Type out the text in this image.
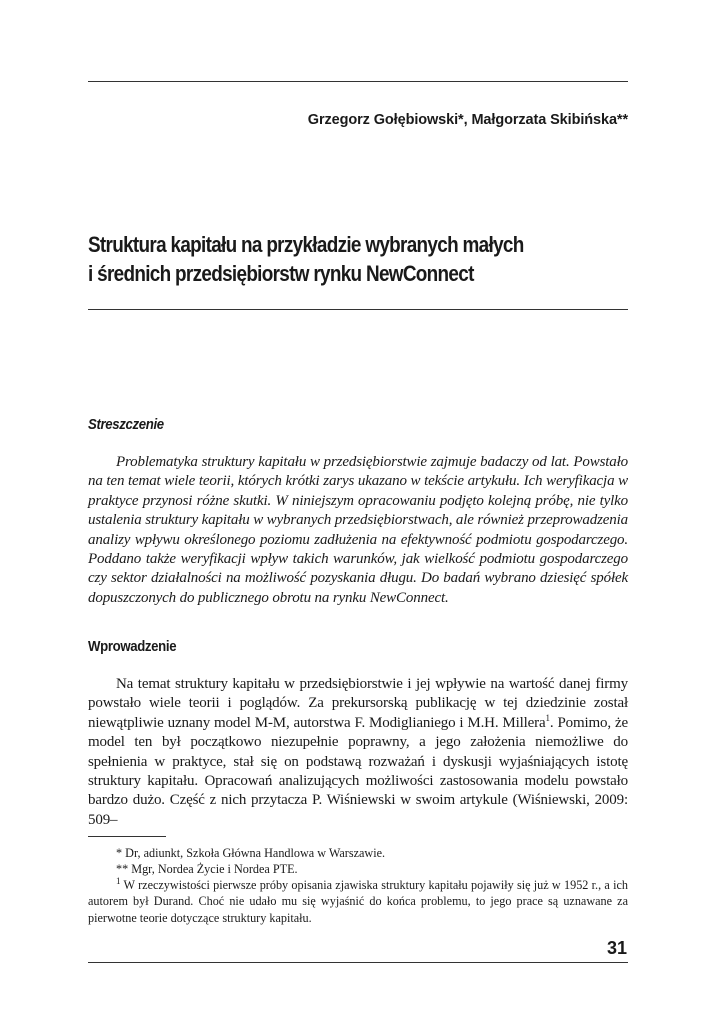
Grzegorz Gołębiowski*, Małgorzata Skibińska**
Struktura kapitału na przykładzie wybranych małych
i średnich przedsiębiorstw rynku NewConnect
Streszczenie

Problematyka struktury kapitału w przedsiębiorstwie zajmuje badaczy od lat. Powstało na ten temat wiele teorii, których krótki zarys ukazano w tekście artykułu. Ich weryfikacja w praktyce przynosi różne skutki. W niniejszym opracowaniu podjęto kolejną próbę, nie tylko ustalenia struktury kapitału w wybranych przedsiębiorstwach, ale również przeprowadzenia analizy wpływu określonego poziomu zadłużenia na efektywność podmiotu gospodarczego. Poddano także weryfikacji wpływ takich warunków, jak wielkość podmiotu gospodarczego czy sektor działalności na możliwość pozyskania długu. Do badań wybrano dziesięć spółek dopuszczonych do publicznego obrotu na rynku NewConnect.

Wprowadzenie

Na temat struktury kapitału w przedsiębiorstwie i jej wpływie na wartość danej firmy powstało wiele teorii i poglądów. Za prekursorską publikację w tej dziedzinie został niewątpliwie uznany model M-M, autorstwa F. Modiglianiego i M.H. Millera$^1$. Pomimo, że model ten był początkowo niezupełnie poprawny, a jego założenia niemożliwe do spełnienia w praktyce, stał się on podstawą rozważań i dyskusji wyjaśniających istotę struktury kapitału. Opracowań analizujących możliwości zastosowania modelu powstało bardzo dużo. Część z nich przytacza P. Wiśniewski w swoim artykule (Wiśniewski, 2009: 509–

* Dr, adiunkt, Szkoła Główna Handlowa w Warszawie.

** Mgr, Nordea Życie i Nordea PTE.

$^1$ W rzeczywistości pierwsze próby opisania zjawiska struktury kapitału pojawiły się już w 1952 r., a ich autorem był Durand. Choć nie udało mu się wyjaśnić do końca problemu, to jego prace są uznawane za pierwotne teorie dotyczące struktury kapitału.

31
